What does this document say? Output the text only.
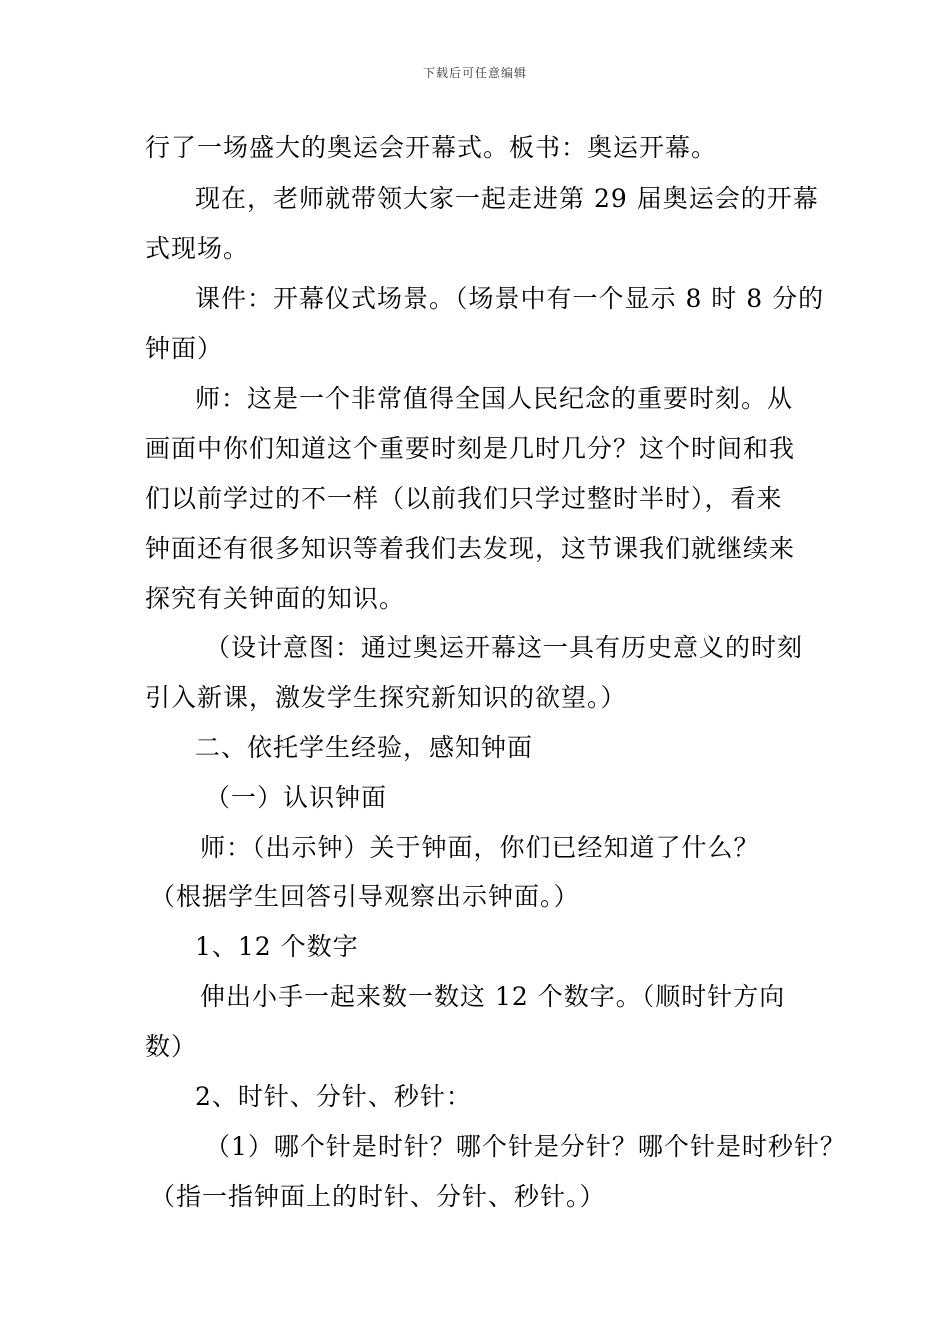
下载后可任意编辑
行了一场盛大的奥运会开幕式。板书：奥运开幕。
现在，老师就带领大家一起走进第 29 届奥运会的开幕
式现场。
课件：开幕仪式场景。（场景中有一个显示 8 时 8 分的
钟面）
师：这是一个非常值得全国人民纪念的重要时刻。从
画面中你们知道这个重要时刻是几时几分？这个时间和我
们以前学过的不一样（以前我们只学过整时半时），看来
钟面还有很多知识等着我们去发现，这节课我们就继续来
探究有关钟面的知识。
（设计意图：通过奥运开幕这一具有历史意义的时刻
引入新课，激发学生探究新知识的欲望。）
二、依托学生经验，感知钟面
（一）认识钟面
师：（出示钟）关于钟面，你们已经知道了什么？
（根据学生回答引导观察出示钟面。）
1、12 个数字
伸出小手一起来数一数这 12 个数字。（顺时针方向
数）
2、时针、分针、秒针：
（1）哪个针是时针？哪个针是分针？哪个针是时秒针？
（指一指钟面上的时针、分针、秒针。）
